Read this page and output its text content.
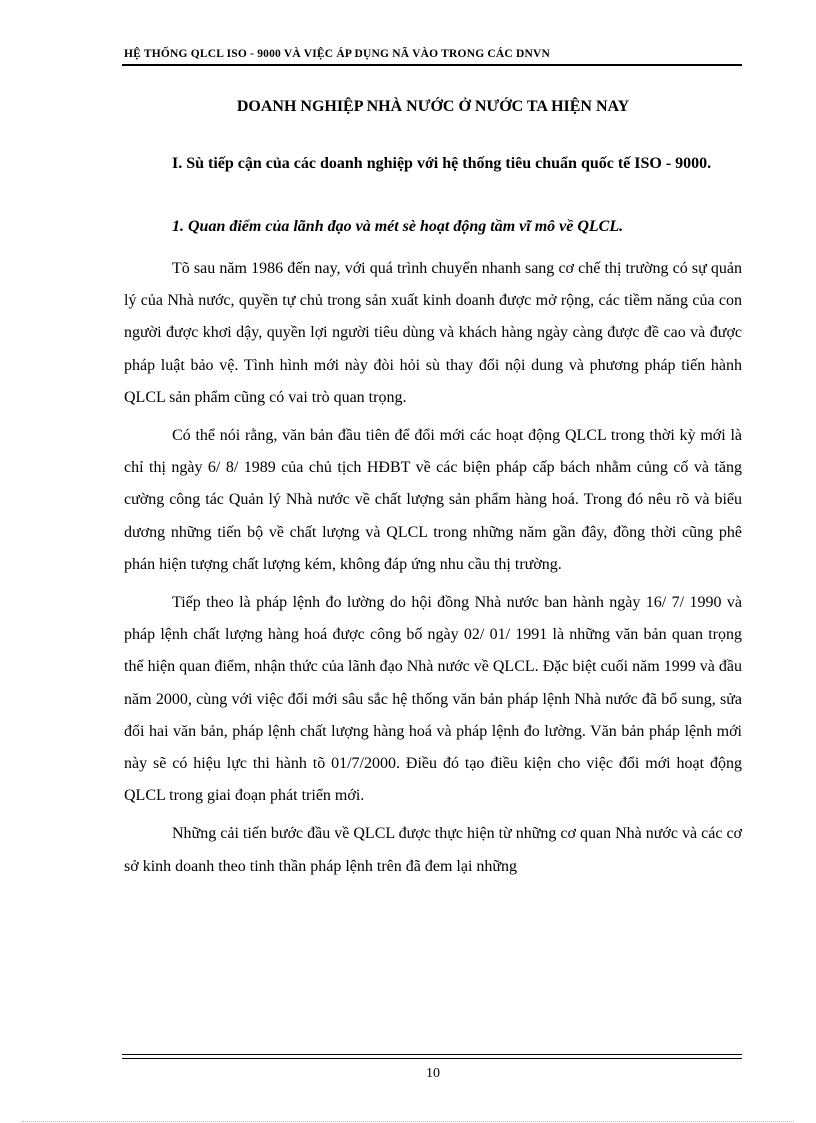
HỆ THỐNG QLCL ISO - 9000 VÀ VIỆC ÁP DỤNG NÃ VÀO TRONG CÁC DNVN
DOANH NGHIỆP NHÀ NƯỚC Ở NƯỚC TA HIỆN NAY
I. Sù tiếp cận của các doanh nghiệp với hệ thống tiêu chuẩn quốc tế ISO - 9000.
1. Quan điểm của lãnh đạo và mét sè hoạt động tầm vĩ mô về QLCL.

Tõ sau năm 1986 đến nay, với quá trình chuyển nhanh sang cơ chế thị trường có sự quản lý của Nhà nước, quyền tự chủ trong sản xuất kinh doanh được mở rộng, các tiềm năng của con người được khơi dậy, quyền lợi người tiêu dùng và khách hàng ngày càng được đề cao và được pháp luật bảo vệ. Tình hình mới này đòi hỏi sù thay đổi nội dung và phương pháp tiến hành QLCL sản phẩm cũng có vai trò quan trọng.

Có thể nói rằng, văn bản đầu tiên để đổi mới các hoạt động QLCL trong thời kỳ mới là chỉ thị ngày 6/ 8/ 1989 của chủ tịch HĐBT về các biện pháp cấp bách nhằm củng cố và tăng cường công tác Quản lý Nhà nước về chất lượng sản phẩm hàng hoá. Trong đó nêu rõ và biểu dương những tiến bộ về chất lượng và QLCL trong những năm gần đây, đồng thời cũng phê phán hiện tượng chất lượng kém, không đáp ứng nhu cầu thị trường.

Tiếp theo là pháp lệnh đo lường do hội đồng Nhà nước ban hành ngày 16/ 7/ 1990 và pháp lệnh chất lượng hàng hoá được công bố ngày 02/ 01/ 1991 là những văn bản quan trọng thể hiện quan điểm, nhận thức của lãnh đạo Nhà nước về QLCL. Đặc biệt cuối năm 1999 và đầu năm 2000, cùng với việc đổi mới sâu sắc hệ thống văn bản pháp lệnh Nhà nước đã bổ sung, sửa đổi hai văn bản, pháp lệnh chất lượng hàng hoá và pháp lệnh đo lường. Văn bản pháp lệnh mới này sẽ có hiệu lực thi hành tõ 01/7/2000. Điều đó tạo điều kiện cho việc đổi mới hoạt động QLCL trong giai đoạn phát triển mới.

Những cải tiến bước đầu về QLCL được thực hiện từ những cơ quan Nhà nước và các cơ sở kinh doanh theo tinh thần pháp lệnh trên đã đem lại những

10
